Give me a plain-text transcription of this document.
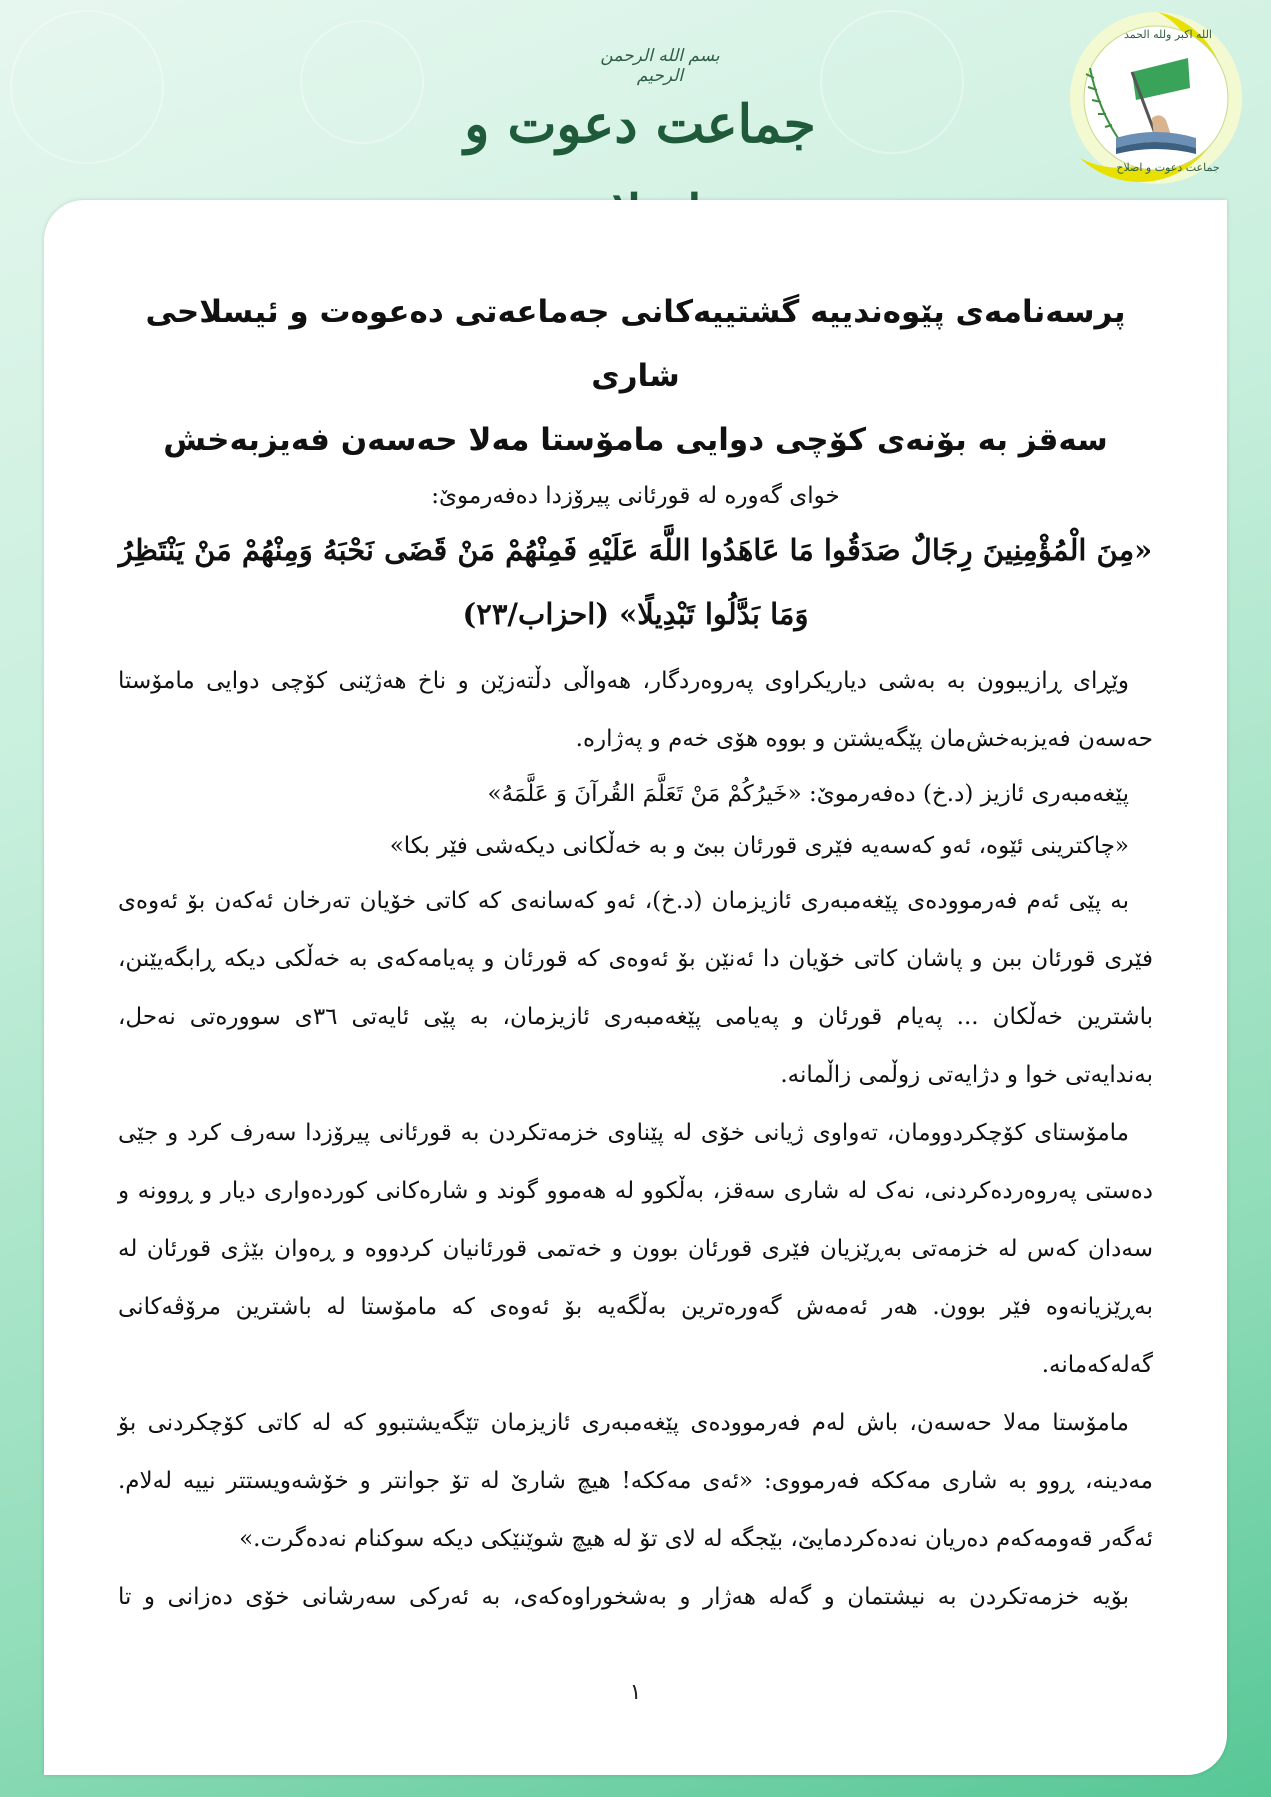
بسم الله الرحمن الرحيم
جماعت دعوت و
الله اکبر ولله الحمد
جماعت دعوت و اصلاح
پرسەنامەی پێوەندییە گشتییەکانی جەماعەتی دەعوەت و ئیسلاحی شاری
سەقز بە بۆنەی کۆچی دوایی مامۆستا مەلا حەسەن فەیزبەخش

خوای گەورە لە قورئانی پیرۆزدا دەفەرموێ:

«مِنَ الْمُؤْمِنِينَ رِجَالٌ صَدَقُوا مَا عَاهَدُوا اللَّهَ عَلَيْهِ فَمِنْهُمْ مَنْ قَضَى نَحْبَهُ وَمِنْهُمْ مَنْ يَنْتَظِرُ وَمَا بَدَّلُوا تَبْدِيلًا» (احزاب/۲۳)

وێڕای ڕازیبوون بە بەشی دیاریکراوی پەروەردگار، هەواڵی دڵتەزێن و ناخ هەژێنی کۆچی دوایی مامۆستا حەسەن فەیزبەخش‌مان پێگەیشتن و بووە هۆی خەم و پەژارە.

پێغەمبەری ئازیز (د.خ) دەفەرموێ: «خَیرُکُمْ مَنْ تَعَلَّمَ القُرآنَ وَ عَلَّمَهُ»

«چاکترینی ئێوە، ئەو کەسەیە فێری قورئان ببێ و بە خەڵکانی دیکەشی فێر بکا»

بە پێی ئەم فەرموودەی پێغەمبەری ئازیزمان (د.خ)، ئەو کەسانەی کە کاتی خۆیان تەرخان ئەکەن بۆ ئەوەی فێری قورئان ببن و پاشان کاتی خۆیان دا ئەنێن بۆ ئەوەی کە قورئان و پەیامەکەی بە خەڵکی دیکە ڕابگەیێنن، باشترین خەڵکان ... پەیام قورئان و پەیامی پێغەمبەری ئازیزمان، بە پێی ئایەتی ٣٦ی سوورەتی نەحل، بەندایەتی خوا و دژایەتی زوڵمی زاڵمانە.

مامۆستای کۆچکردوومان، تەواوی ژیانی خۆی لە پێناوی خزمەتکردن بە قورئانی پیرۆزدا سەرف کرد و جێی دەستی پەروەردەکردنی، نەک لە شاری سەقز، بەڵکوو لە هەموو گوند و شارەکانی کوردەواری دیار و ڕوونە و سەدان کەس لە خزمەتی بەڕێزیان فێری قورئان بوون و خەتمی قورئانیان کردووە و ڕەوان بێژی قورئان لە بەڕێزیانەوە فێر بوون. هەر ئەمەش گەورەترین بەڵگەیە بۆ ئەوەی کە مامۆستا لە باشترین مرۆڤەکانی گەلەکەمانە.

مامۆستا مەلا حەسەن، باش لەم فەرموودەی پێغەمبەری ئازیزمان تێگەیشتبوو کە لە کاتی کۆچکردنی بۆ مەدینە، ڕوو بە شاری مەککە فەرمووی: «ئەی مەککە! هیچ شارێ لە تۆ جوانتر و خۆشەویستتر نییە لەلام. ئەگەر قەومەکەم دەریان نەدەکردمایێ، بێجگە لە لای تۆ لە هیچ شوێنێکی دیکە سوکنام نەدەگرت.»

بۆیە خزمەتکردن بە نیشتمان و گەلە هەژار و بەشخوراوەکەی، بە ئەرکی سەرشانی خۆی دەزانی و تا

١
